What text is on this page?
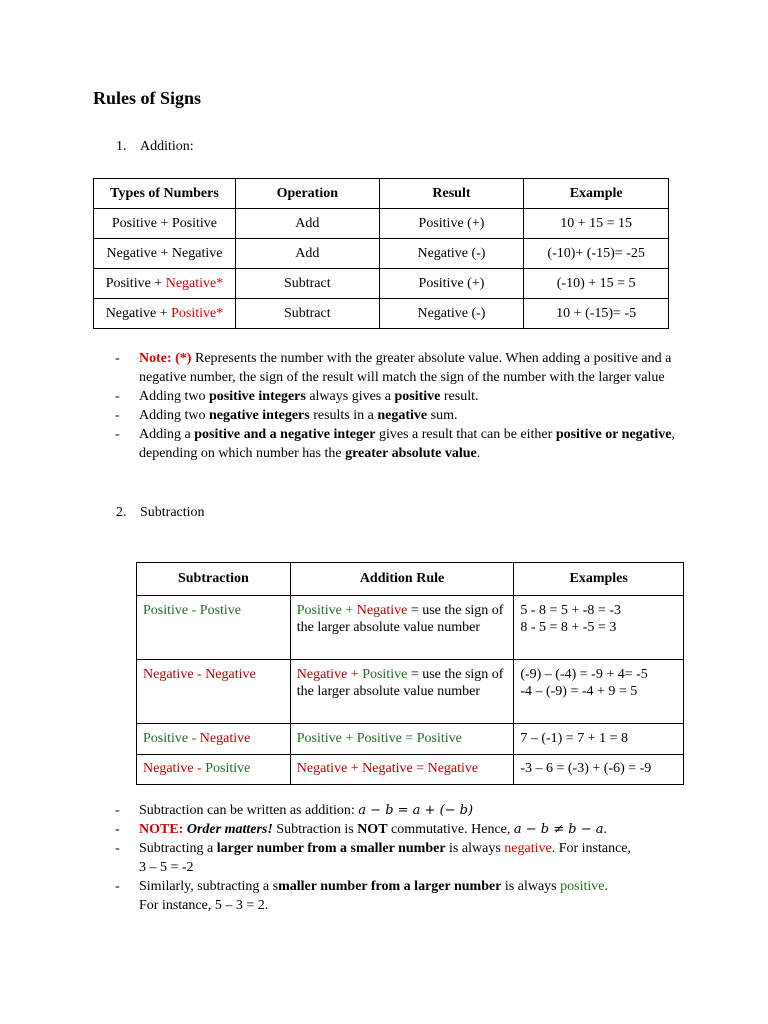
Rules of Signs
1. Addition:
Types of Numbers	Operation	Result	Example
Positive + Positive	Add	Positive (+)	10 + 15 = 15
Negative + Negative	Add	Negative (-)	(-10)+ (-15)= -25
Positive + Negative*	Subtract	Positive (+)	(-10) + 15 = 5
Negative + Positive*	Subtract	Negative (-)	10 + (-15)= -5
- Note: (*) Represents the number with the greater absolute value. When adding a positive and a negative number, the sign of the result will match the sign of the number with the larger value
- Adding two positive integers always gives a positive result.
- Adding two negative integers results in a negative sum.
- Adding a positive and a negative integer gives a result that can be either positive or negative, depending on which number has the greater absolute value.
2. Subtraction
Subtraction	Addition Rule	Examples
Positive - Postive	Positive + Negative = use the sign of the larger absolute value number	5 - 8 = 5 + -8 = -3
8 - 5 = 8 + -5 = 3

Negative - Negative	Negative + Positive = use the sign of the larger absolute value number	(-9) – (-4) = -9 + 4= -5
-4 – (-9) = -4 + 9 = 5

Positive - Negative	Positive + Positive = Positive	7 – (-1) = 7 + 1 = 8
Negative - Positive	Negative + Negative = Negative	-3 – 6 = (-3) + (-6) = -9
- Subtraction can be written as addition: a − b = a + (− b)
- NOTE: Order matters! Subtraction is NOT commutative. Hence, a − b ≠ b − a.
- Subtracting a larger number from a smaller number is always negative. For instance,
3 – 5 = -2
- Similarly, subtracting a smaller number from a larger number is always positive.
For instance, 5 – 3 = 2.
